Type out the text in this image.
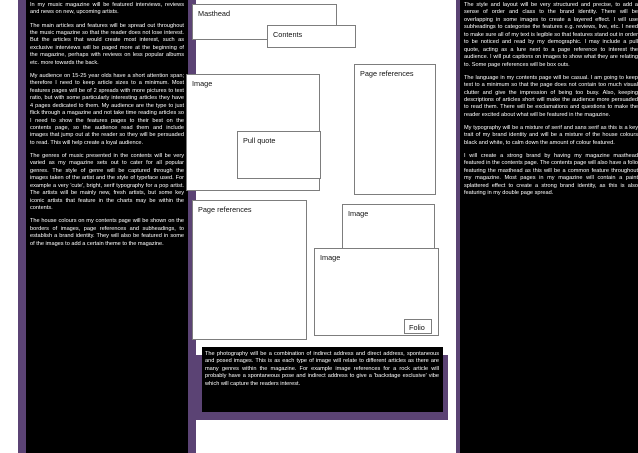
In my music magazine will be featured interviews, reviews and news on new, upcoming artists.

The main articles and features will be spread out throughout the music magazine so that the reader does not lose interest. But the articles that would create most interest, such as exclusive interviews will be paged more at the beginning of the magazine, perhaps with reviews on less popular albums etc. more towards the back.

My audience on 15-25 year olds have a short attention span; therefore I need to keep article sizes to a minimum. Most features pages will be of 2 spreads with more pictures to text ratio, but with some particularly interesting articles they have 4 pages dedicated to them. My audience are the type to just flick through a magazine and not take time reading articles so I need to show the features pages to their best on the contents page, so the audience read them and include images that jump out at the reader so they will be persuaded to read. This will help create a loyal audience.

The genres of music presented in the contents will be very varied as my magazine sets out to cater for all popular genres. The style of genre will be captured through the images taken of the artist and the style of typeface used. For example a very 'cute', bright, serif typography for a pop artist. The artists will be mainly new, fresh artists, but some key iconic artists that feature in the charts may be within the contents.

The house colours on my contents page will be shown on the borders of images, page references and subheadings, to establish a brand identity. They will also be featured in some of the images to add a certain theme to the magazine.

The style and layout will be very structured and precise, to add a sense of order and class to the brand identity. There will be overlapping in some images to create a layered effect. I will use subheadings to categorise the features e.g. reviews, live, etc. I need to make sure all of my text is legible so that features stand out in order to be noticed and read by my demographic. I may include a pull quote, acting as a lure next to a page reference to interest the audience. I will put captions on images to show what they are relating to. Some page references will be box outs.

The language in my contents page will be casual. I am going to keep text to a minimum so that the page does not contain too much visual clutter and give the impression of being too busy. Also, keeping descriptions of articles short will make the audience more persuaded to read them. There will be exclamations and questions to make the reader excited about what will be featured in the magazine.

My typography will be a mixture of serif and sans serif as this is a key trait of my brand identity and will be a mixture of the house colours black and white, to calm down the amount of colour featured.

I will create a strong brand by having my magazine masthead featured in the contents page. The contents page will also have a folio featuring the masthead as this will be a common feature throughout my magazine. Most pages in my magazine will contain a paint splattered effect to create a strong brand identity, as this is also featuring in my double page spread.

Masthead
Contents
Image
Page references
Pull quote
Page references	Image
Image
Folio

The photography will be a combination of indirect address and direct address, spontaneous and posed images. This is as each type of image will relate to different articles as there are many genres within the magazine. For example image references for a rock article will probably have a spontaneous pose and indirect address to give a 'backstage exclusive' vibe which will capture the readers interest.
